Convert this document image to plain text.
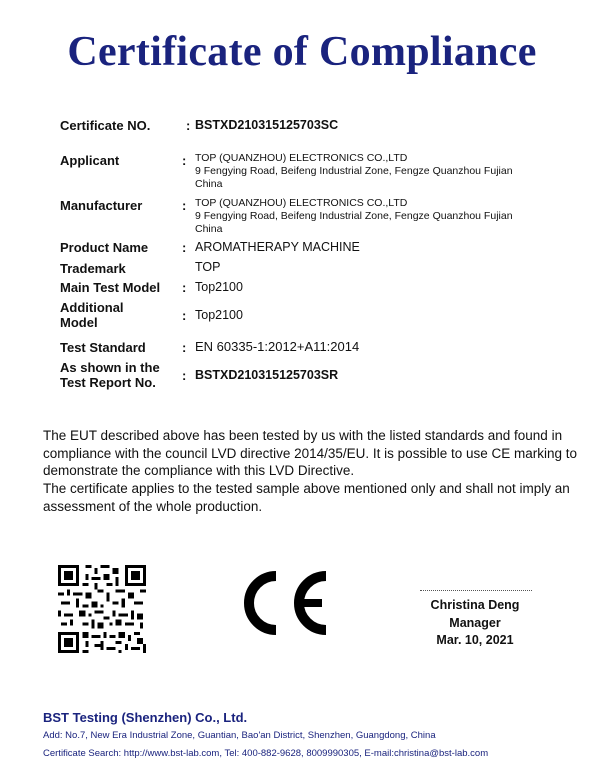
Certificate of Compliance
Certificate NO.	: BSTXD210315125703SC
Applicant	: TOP (QUANZHOU) ELECTRONICS CO.,LTD
9 Fengying Road, Beifeng Industrial Zone, Fengze Quanzhou Fujian
China
Manufacturer	: TOP (QUANZHOU) ELECTRONICS CO.,LTD
9 Fengying Road, Beifeng Industrial Zone, Fengze Quanzhou Fujian
China
Product Name	: AROMATHERAPY MACHINE
Trademark	TOP
Main Test Model : Top2100
Additional
Model	: Top2100
Test Standard	: EN 60335-1:2012+A11:2014
As shown in the
Test Report No. : BSTXD210315125703SR
The EUT described above has been tested by us with the listed standards and found in compliance with the council LVD directive 2014/35/EU. It is possible to use CE marking to demonstrate the compliance with this LVD Directive.
The certificate applies to the tested sample above mentioned only and shall not imply an assessment of the whole production.
Christina Deng
Manager
Mar. 10, 2021
BST Testing (Shenzhen) Co., Ltd.
Add: No.7, New Era Industrial Zone, Guantian, Bao'an District, Shenzhen, Guangdong, China
Certificate Search: http://www.bst-lab.com, Tel: 400-882-9628, 8009990305, E-mail:christina@bst-lab.com
